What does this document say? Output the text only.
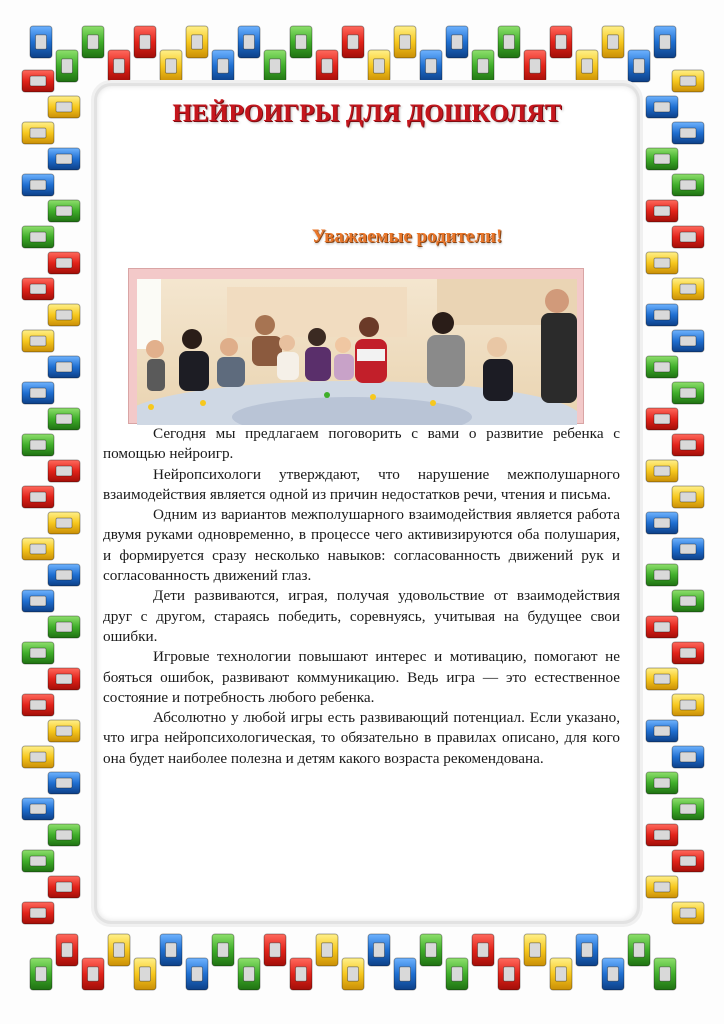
НЕЙРОИГРЫ ДЛЯ ДОШКОЛЯТ
Уважаемые родители!

Сегодня мы предлагаем поговорить с вами о развитие ребенка с помощью нейроигр.

Нейропсихологи утверждают, что нарушение межполушарного взаимодействия является одной из причин недостатков речи, чтения и письма.

Одним из вариантов межполушарного взаимодействия является работа двумя руками одновременно, в процессе чего активизируются оба полушария, и формируется сразу несколько навыков: согласованность движений рук и согласованность движений глаз.

Дети развиваются, играя, получая удовольствие от взаимодействия друг с другом, стараясь победить, соревнуясь, учитывая на будущее свои ошибки.

Игровые технологии повышают интерес и мотивацию, помогают не бояться ошибок, развивают коммуникацию. Ведь игра — это естественное состояние и потребность любого ребенка.

Абсолютно у любой игры есть развивающий потенциал. Если указано, что игра нейропсихологическая, то обязательно в правилах описано, для кого она будет наиболее полезна и детям какого возраста рекомендована.
